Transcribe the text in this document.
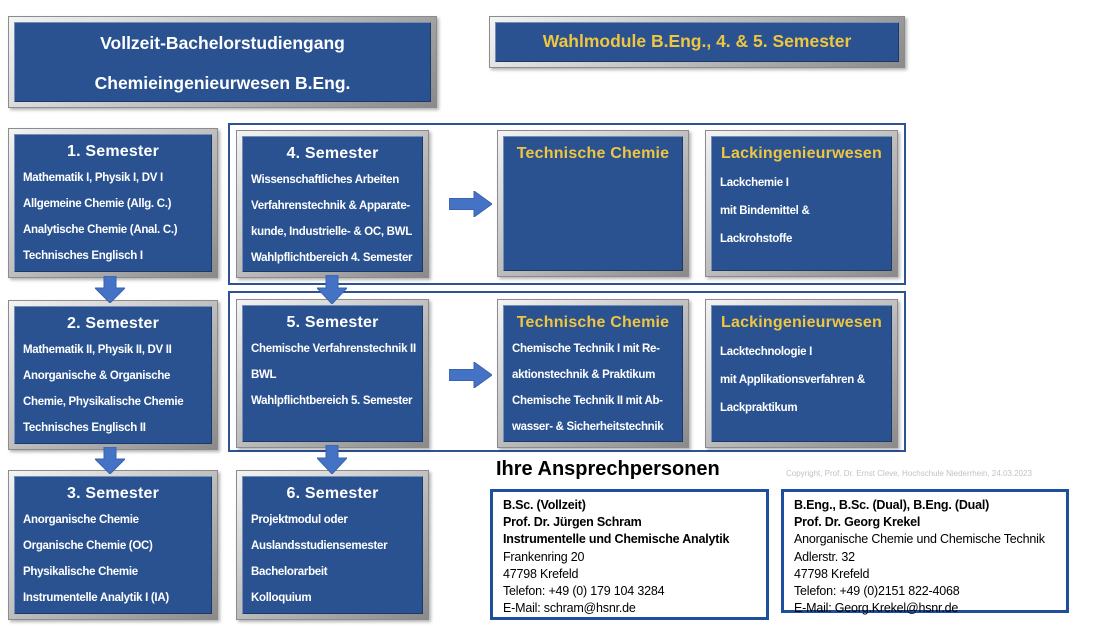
Vollzeit-Bachelorstudiengang
Chemieingenieurwesen B.Eng.
Wahlmodule B.Eng., 4. & 5. Semester
1. Semester
Mathematik I, Physik I, DV I
Allgemeine Chemie (Allg. C.)
Analytische Chemie (Anal. C.)
Technisches Englisch I
4. Semester
Wissenschaftliches Arbeiten
Verfahrenstechnik & Apparate-
kunde, Industrielle- & OC, BWL
Wahlpflichtbereich 4. Semester
Technische Chemie	Lackingenieurwesen
Lackchemie I
mit Bindemittel &
Lackrohstoffe
2. Semester
Mathematik II, Physik II, DV II
Anorganische & Organische
Chemie, Physikalische Chemie
Technisches Englisch II
5. Semester
Chemische Verfahrenstechnik II
BWL
Wahlpflichtbereich 5. Semester
Technische Chemie
Chemische Technik I mit Re-
aktionstechnik & Praktikum
Chemische Technik II mit Ab-
wasser- & Sicherheitstechnik
Lackingenieurwesen
Lacktechnologie I
mit Applikationsverfahren &
Lackpraktikum
3. Semester
Anorganische Chemie
Organische Chemie (OC)
Physikalische Chemie
Instrumentelle Analytik I (IA)
6. Semester
Projektmodul oder
Auslandsstudiensemester
Bachelorarbeit
Kolloquium
Ihre Ansprechpersonen	Copyright, Prof. Dr. Ernst Cleve, Hochschule Niederrhein, 24.03.2023
B.Sc. (Vollzeit)
Prof. Dr. Jürgen Schram
Instrumentelle und Chemische Analytik
Frankenring 20
47798 Krefeld
Telefon: +49 (0) 179 104 3284
E-Mail: schram@hsnr.de
B.Eng., B.Sc. (Dual), B.Eng. (Dual)
Prof. Dr. Georg Krekel
Anorganische Chemie und Chemische Technik
Adlerstr. 32
47798 Krefeld
Telefon: +49 (0)2151 822-4068
E-Mail: Georg.Krekel@hsnr.de
